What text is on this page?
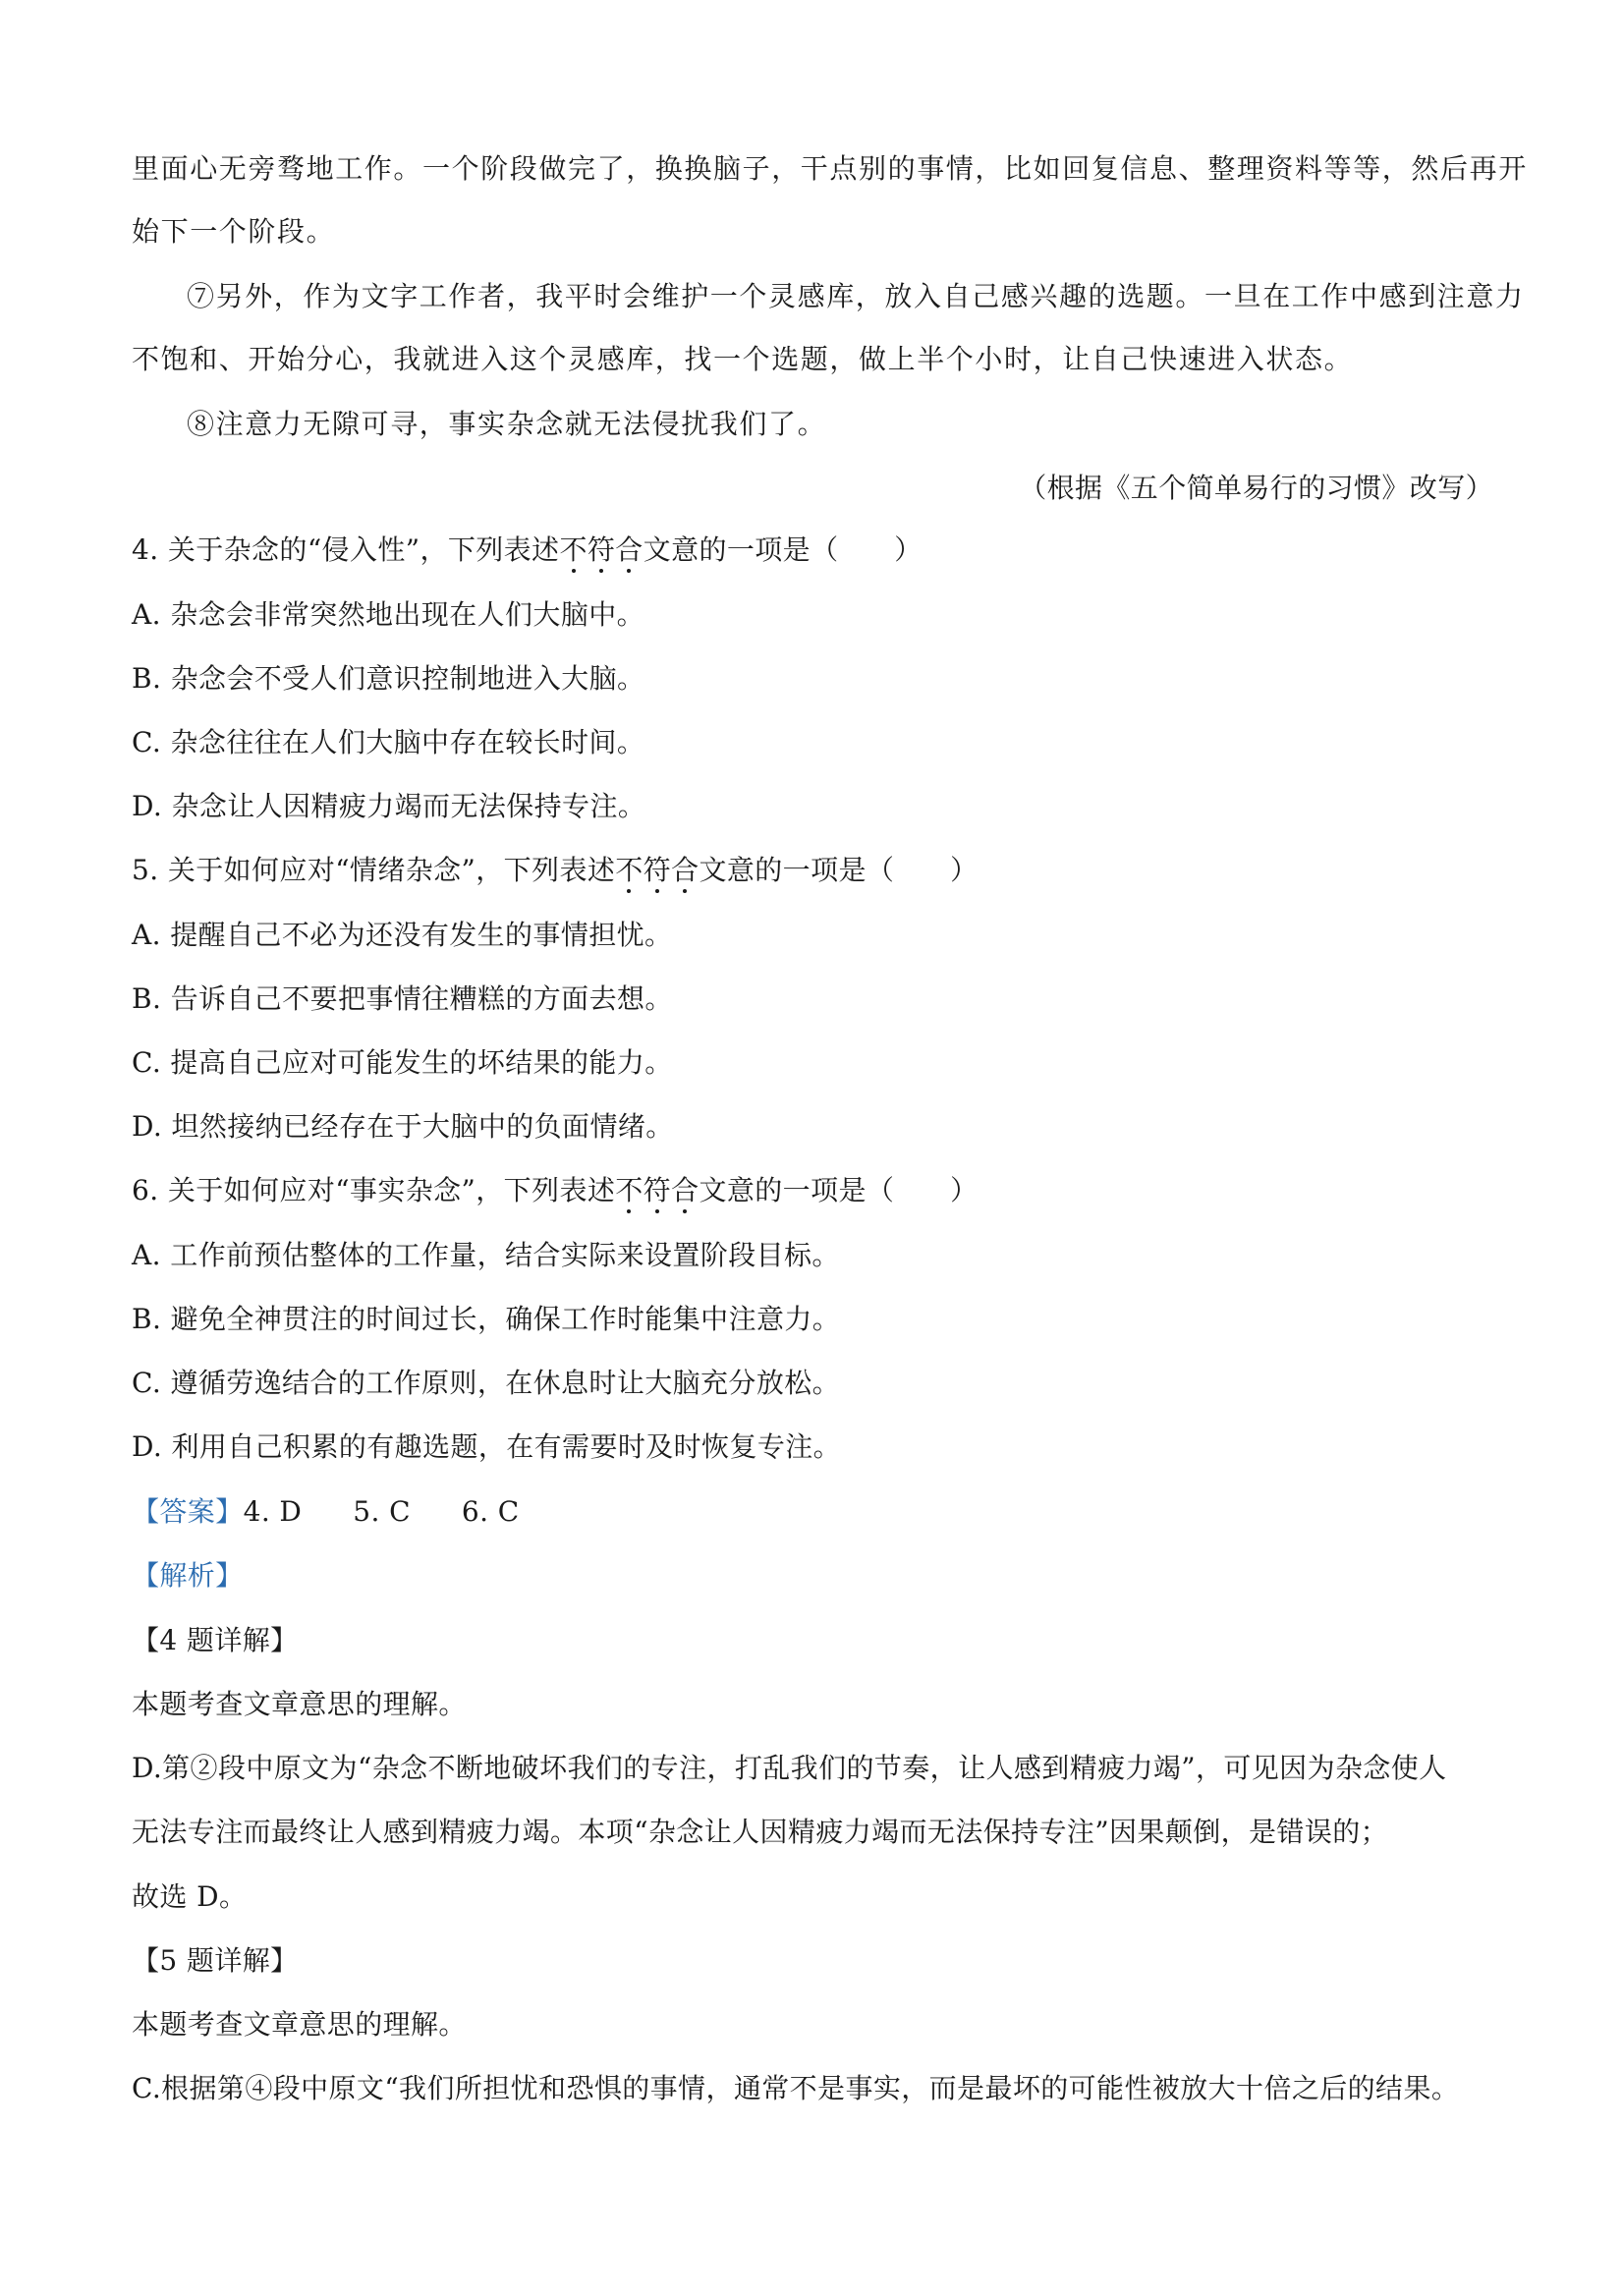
里面心无旁骛地工作。一个阶段做完了，换换脑子，干点别的事情，比如回复信息、整理资料等等，然后再开

始下一个阶段。

⑦另外，作为文字工作者，我平时会维护一个灵感库，放入自己感兴趣的选题。一旦在工作中感到注意力

不饱和、开始分心，我就进入这个灵感库，找一个选题，做上半个小时，让自己快速进入状态。

⑧注意力无隙可寻，事实杂念就无法侵扰我们了。

（根据《五个简单易行的习惯》改写）

4. 关于杂念的“侵入性”，下列表述不符合文意的一项是（　　）

A. 杂念会非常突然地出现在人们大脑中。

B. 杂念会不受人们意识控制地进入大脑。

C. 杂念往往在人们大脑中存在较长时间。

D. 杂念让人因精疲力竭而无法保持专注。

5. 关于如何应对“情绪杂念”，下列表述不符合文意的一项是（　　）

A. 提醒自己不必为还没有发生的事情担忧。

B. 告诉自己不要把事情往糟糕的方面去想。

C. 提高自己应对可能发生的坏结果的能力。

D. 坦然接纳已经存在于大脑中的负面情绪。

6. 关于如何应对“事实杂念”，下列表述不符合文意的一项是（　　）

A. 工作前预估整体的工作量，结合实际来设置阶段目标。

B. 避免全神贯注的时间过长，确保工作时能集中注意力。

C. 遵循劳逸结合的工作原则，在休息时让大脑充分放松。

D. 利用自己积累的有趣选题，在有需要时及时恢复专注。

【答案】4. D 5. C 6. C

【解析】

【4 题详解】

本题考查文章意思的理解。

D.第②段中原文为“杂念不断地破坏我们的专注，打乱我们的节奏，让人感到精疲力竭”，可见因为杂念使人

无法专注而最终让人感到精疲力竭。本项“杂念让人因精疲力竭而无法保持专注”因果颠倒，是错误的；

故选 D。

【5 题详解】

本题考查文章意思的理解。

C.根据第④段中原文“我们所担忧和恐惧的事情，通常不是事实，而是最坏的可能性被放大十倍之后的结果。
